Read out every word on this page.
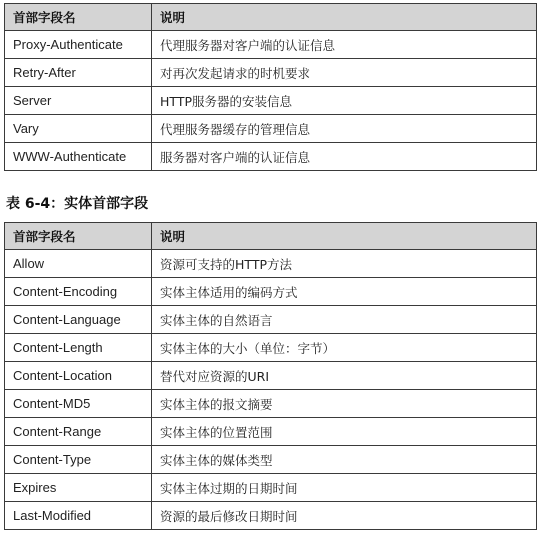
首部字段名	说明
Proxy-Authenticate	代理服务器对客户端的认证信息
Retry-After	对再次发起请求的时机要求
Server	HTTP服务器的安装信息
Vary	代理服务器缓存的管理信息
WWW-Authenticate	服务器对客户端的认证信息
表 6-4：实体首部字段
首部字段名	说明
Allow	资源可支持的HTTP方法
Content-Encoding	实体主体适用的编码方式
Content-Language	实体主体的自然语言
Content-Length	实体主体的大小（单位：字节）
Content-Location	替代对应资源的URI
Content-MD5	实体主体的报文摘要
Content-Range	实体主体的位置范围
Content-Type	实体主体的媒体类型
Expires	实体主体过期的日期时间
Last-Modified	资源的最后修改日期时间
